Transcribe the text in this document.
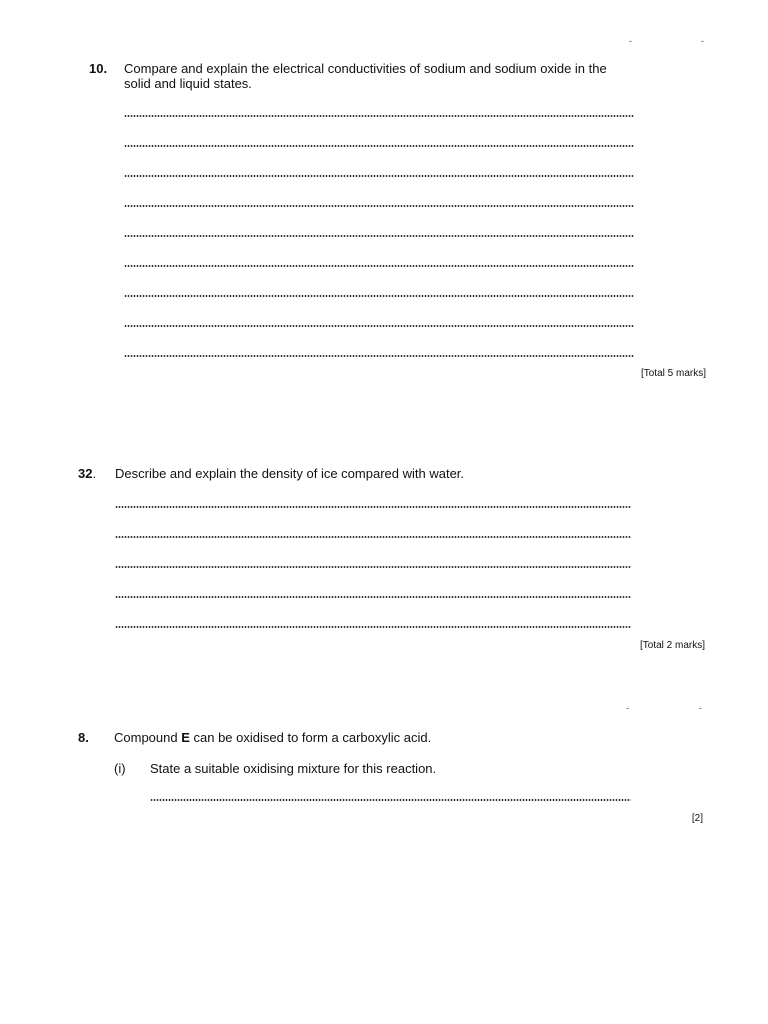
-	-
10. Compare and explain the electrical conductivities of sodium and sodium oxide in the
solid and liquid states.
[Total 5 marks]
32. Describe and explain the density of ice compared with water.
[Total 2 marks]
-	-
8. Compound E can be oxidised to form a carboxylic acid.
(i) State a suitable oxidising mixture for this reaction.
[2]
